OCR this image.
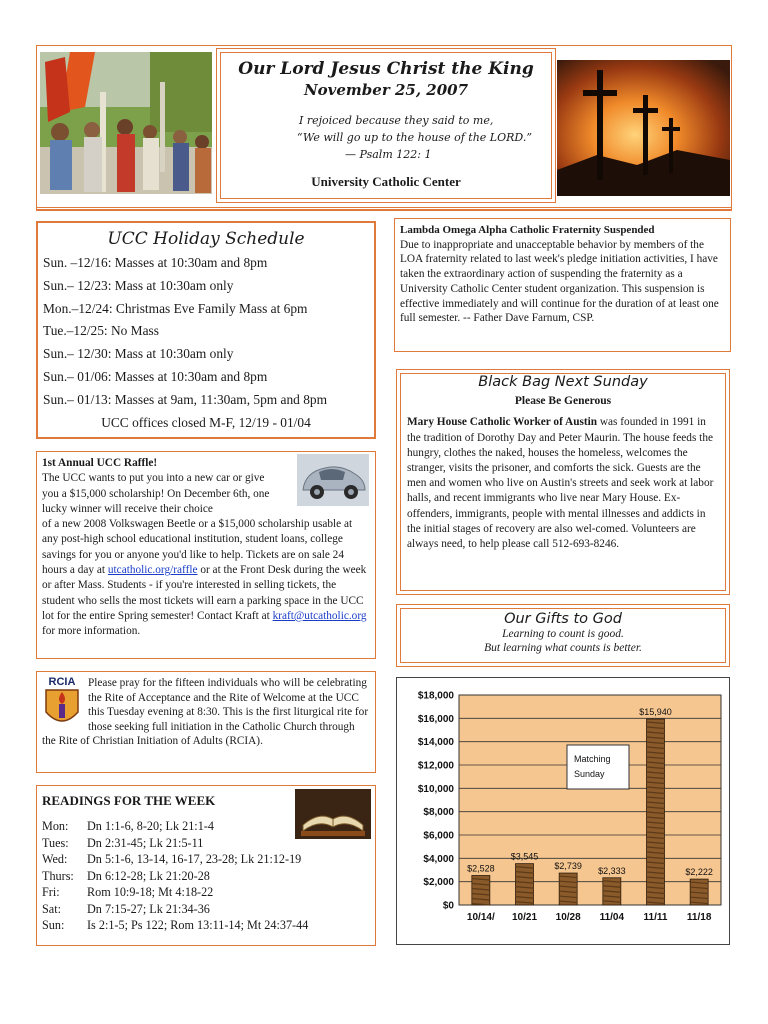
Our Lord Jesus Christ the King
November 25, 2007
I rejoiced because they said to me,
“We will go up to the house of the LORD.”
— Psalm 122: 1
University Catholic Center
UCC Holiday Schedule
Sun. –12/16: Masses at 10:30am and 8pm
Sun.– 12/23: Mass at 10:30am only
Mon.–12/24: Christmas Eve Family Mass at 6pm
Tue.–12/25: No Mass
Sun.– 12/30: Mass at 10:30am only
Sun.– 01/06: Masses at 10:30am and 8pm
Sun.– 01/13: Masses at 9am, 11:30am, 5pm and 8pm
UCC offices closed M-F, 12/19 - 01/04
Lambda Omega Alpha Catholic Fraternity Suspended
Due to inappropriate and unacceptable behavior by members of the LOA fraternity related to last week's pledge initiation activities, I have taken the extraordinary action of suspending the fraternity as a University Catholic Center student organization. This suspension is effective immediately and will continue for the duration of at least one full semester. -- Father Dave Farnum, CSP.
1st Annual UCC Raffle!
The UCC wants to put you into a new car or give you a $15,000 scholarship! On December 6th, one lucky winner will receive their choice
of a new 2008 Volkswagen Beetle or a $15,000 scholarship usable at any post-high school educational institution, student loans, college savings for you or anyone you'd like to help. Tickets are on sale 24 hours a day at utcatholic.org/raffle or at the Front Desk during the week or after Mass. Students - if you're interested in selling tickets, the student who sells the most tickets will earn a parking space in the UCC lot for the entire Spring semester! Contact Kraft at kraft@utcatholic.org for more information.
Black Bag Next Sunday
Please Be Generous
Mary House Catholic Worker of Austin was founded in 1991 in the tradition of Dorothy Day and Peter Maurin. The house feeds the hungry, clothes the naked, houses the homeless, welcomes the stranger, visits the prisoner, and comforts the sick. Guests are the men and women who live on Austin's streets and seek work at labor halls, and recent immigrants who live near Mary House. Ex-offenders, immigrants, people with mental illnesses and addicts in the initial stages of recovery are also wel-comed. Volunteers are always need, to help please call 512-693-8246.
RCIA Please pray for the fifteen individuals who will be celebrating the Rite of Acceptance and the Rite of Welcome at the UCC this Tuesday evening at 8:30. This is the first liturgical rite for those seeking full initiation in the Catholic Church through the Rite of Christian Initiation of Adults (RCIA).
READINGS FOR THE WEEK
Mon: Dn 1:1-6, 8-20; Lk 21:1-4
Tues: Dn 2:31-45; Lk 21:5-11
Wed: Dn 5:1-6, 13-14, 16-17, 23-28; Lk 21:12-19
Thurs: Dn 6:12-28; Lk 21:20-28
Fri: Rom 10:9-18; Mt 4:18-22
Sat: Dn 7:15-27; Lk 21:34-36
Sun: Is 2:1-5; Ps 122; Rom 13:11-14; Mt 24:37-44
Our Gifts to God

Learning to count is good.

But learning what counts is better.

$0
$2,000
$4,000
$6,000
$8,000
$10,000
$12,000
$14,000
$16,000
$18,000
10/14/ 10/21 10/28 11/04 11/11 11/18
$2,528
$3,545
$2,739 $2,333
$15,940
$2,222
Matching
Sunday
